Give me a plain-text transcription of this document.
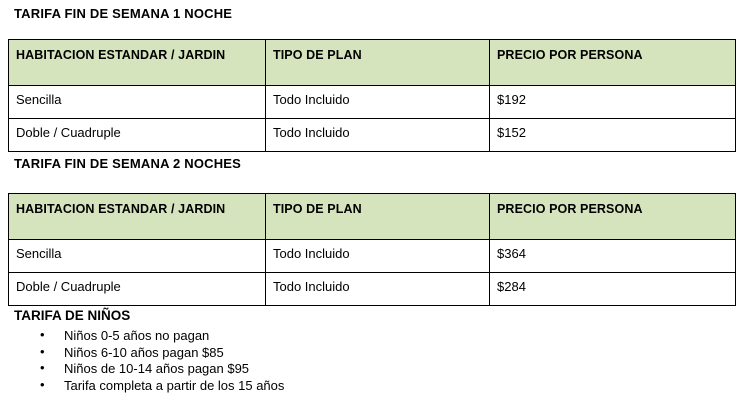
TARIFA FIN DE SEMANA 1 NOCHE
HABITACION ESTANDAR / JARDIN	TIPO DE PLAN	PRECIO POR PERSONA
Sencilla	Todo Incluido	$192
Doble / Cuadruple	Todo Incluido	$152
TARIFA FIN DE SEMANA 2 NOCHES
HABITACION ESTANDAR / JARDIN	TIPO DE PLAN	PRECIO POR PERSONA
Sencilla	Todo Incluido	$364
Doble / Cuadruple	Todo Incluido	$284
TARIFA DE NIÑOS
• Niños 0-5 años no pagan
• Niños 6-10 años pagan $85
• Niños de 10-14 años pagan $95
• Tarifa completa a partir de los 15 años
